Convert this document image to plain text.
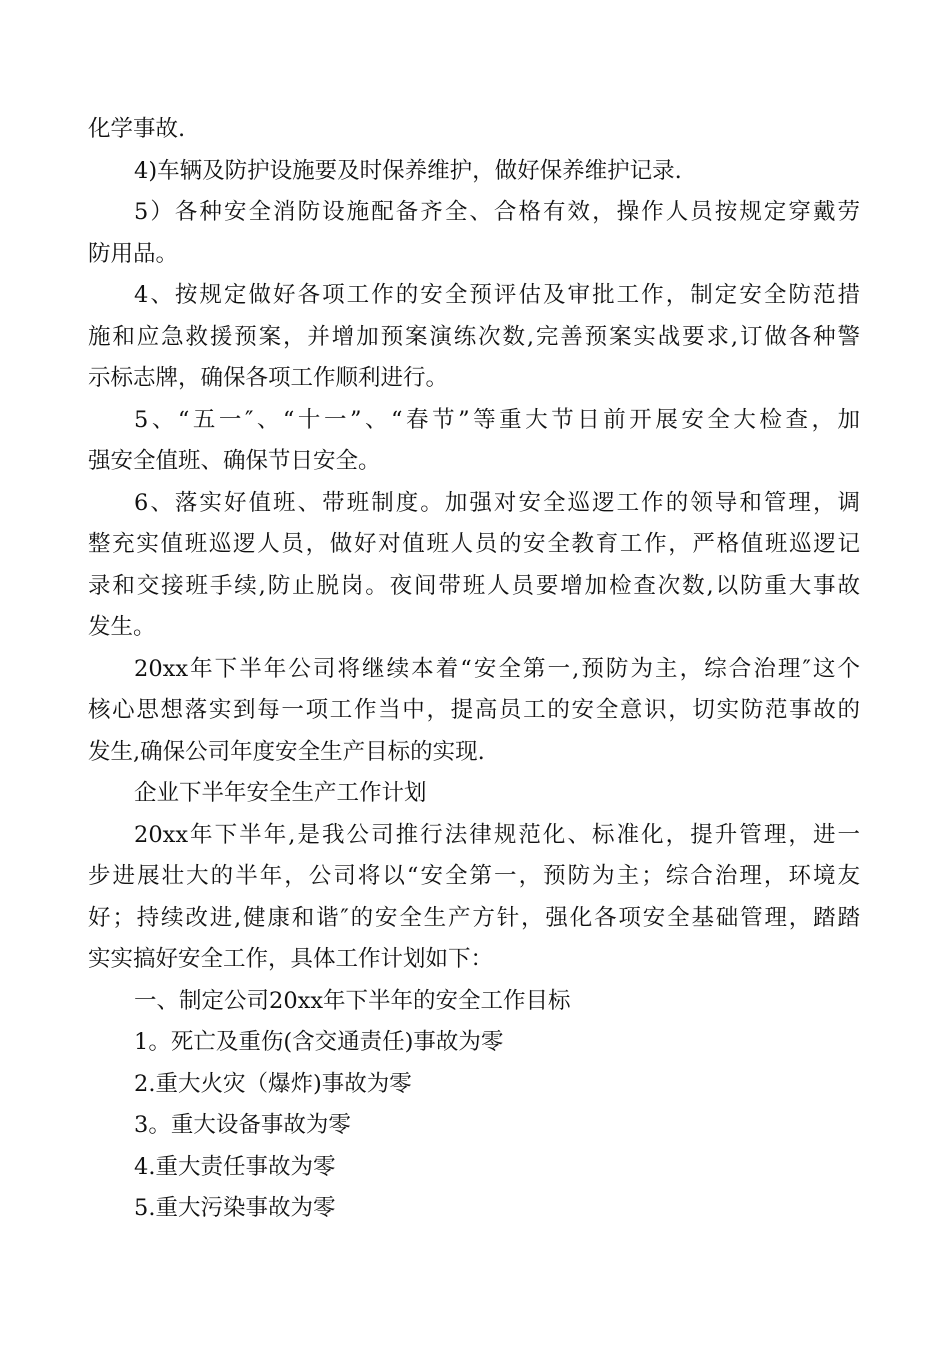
化学事故.
4)车辆及防护设施要及时保养维护，做好保养维护记录.
5）各种安全消防设施配备齐全、合格有效，操作人员按规定穿戴劳
防用品。
4、按规定做好各项工作的安全预评估及审批工作，制定安全防范措
施和应急救援预案，并增加预案演练次数,完善预案实战要求,订做各种警
示标志牌，确保各项工作顺利进行。
5、“五一″、“十一”、“春节”等重大节日前开展安全大检查，加
强安全值班、确保节日安全。
6、落实好值班、带班制度。加强对安全巡逻工作的领导和管理，调
整充实值班巡逻人员，做好对值班人员的安全教育工作，严格值班巡逻记
录和交接班手续,防止脱岗。夜间带班人员要增加检查次数,以防重大事故
发生。
20xx年下半年公司将继续本着“安全第一,预防为主，综合治理″这个
核心思想落实到每一项工作当中，提高员工的安全意识，切实防范事故的
发生,确保公司年度安全生产目标的实现.
企业下半年安全生产工作计划
20xx年下半年,是我公司推行法律规范化、标准化，提升管理，进一
步进展壮大的半年，公司将以“安全第一，预防为主；综合治理，环境友
好；持续改进,健康和谐″的安全生产方针，强化各项安全基础管理，踏踏
实实搞好安全工作，具体工作计划如下：
一、制定公司20xx年下半年的安全工作目标
1。死亡及重伤(含交通责任)事故为零
2.重大火灾（爆炸)事故为零
3。重大设备事故为零
4.重大责任事故为零
5.重大污染事故为零
